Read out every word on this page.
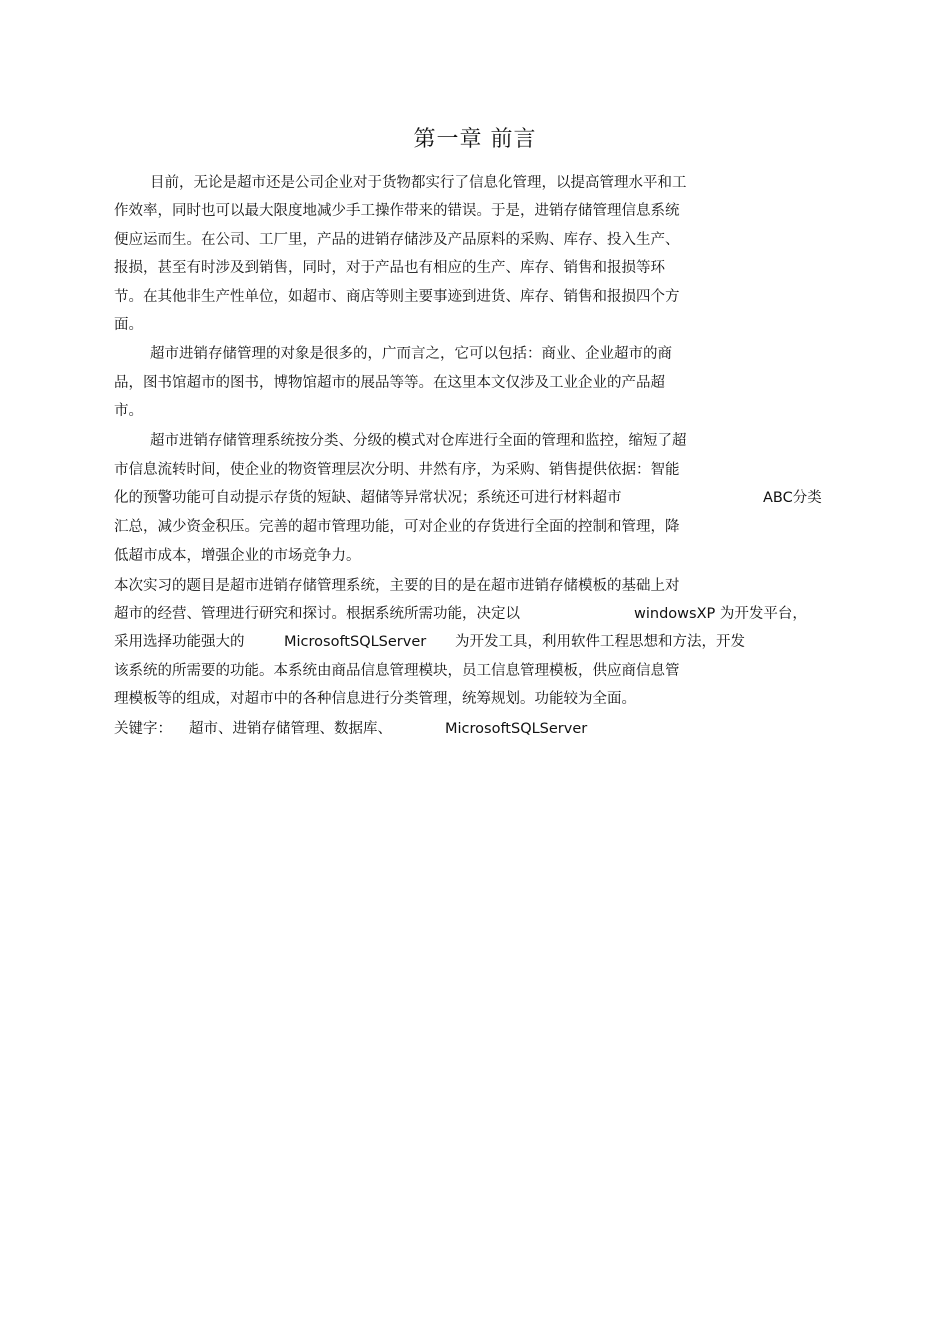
第一章 前言
目前，无论是超市还是公司企业对于货物都实行了信息化管理，以提高管理水平和工
作效率，同时也可以最大限度地减少手工操作带来的错误。于是，进销存储管理信息系统
便应运而生。在公司、工厂里，产品的进销存储涉及产品原料的采购、库存、投入生产、
报损，甚至有时涉及到销售，同时，对于产品也有相应的生产、库存、销售和报损等环
节。在其他非生产性单位，如超市、商店等则主要事迹到进货、库存、销售和报损四个方
面。
超市进销存储管理的对象是很多的，广而言之，它可以包括：商业、企业超市的商
品，图书馆超市的图书，博物馆超市的展品等等。在这里本文仅涉及工业企业的产品超
市。
超市进销存储管理系统按分类、分级的模式对仓库进行全面的管理和监控，缩短了超
市信息流转时间，使企业的物资管理层次分明、井然有序，为采购、销售提供依据：智能
化的预警功能可自动提示存货的短缺、超储等异常状况；系统还可进行材料超市	ABC分类
汇总，减少资金积压。完善的超市管理功能，可对企业的存货进行全面的控制和管理，降
低超市成本，增强企业的市场竞争力。
本次实习的题目是超市进销存储管理系统，主要的目的是在超市进销存储模板的基础上对
超市的经营、管理进行研究和探讨。根据系统所需功能，决定以	windowsXP 为开发平台，
采用选择功能强大的	MicrosoftSQLServer 为开发工具，利用软件工程思想和方法，开发
该系统的所需要的功能。本系统由商品信息管理模块，员工信息管理模板，供应商信息管
理模板等的组成，对超市中的各种信息进行分类管理，统筹规划。功能较为全面。
关键字： 超市、进销存储管理、数据库、	MicrosoftSQLServer
